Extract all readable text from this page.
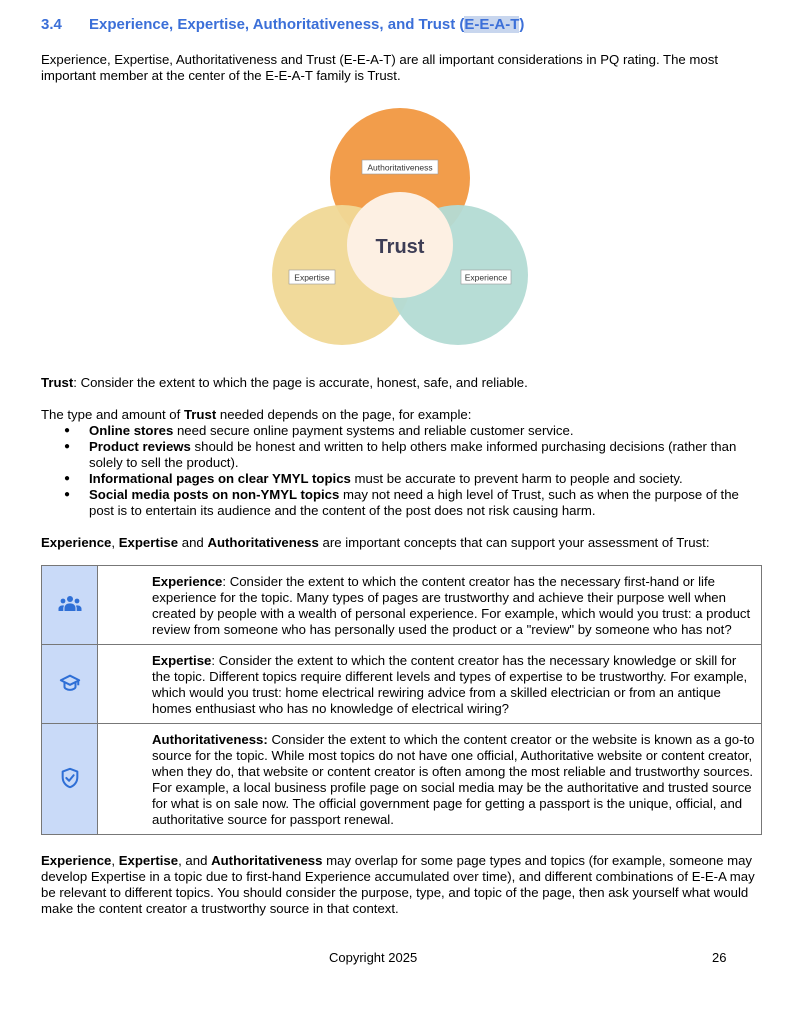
3.4 Experience, Expertise, Authoritativeness, and Trust (E-E-A-T)
Experience, Expertise, Authoritativeness and Trust (E-E-A-T) are all important considerations in PQ rating. The most important member at the center of the E-E-A-T family is Trust.
Authoritativeness
Expertise	Experience
Trust
Trust: Consider the extent to which the page is accurate, honest, safe, and reliable.
The type and amount of Trust needed depends on the page, for example:
● Online stores need secure online payment systems and reliable customer service.
● Product reviews should be honest and written to help others make informed purchasing decisions (rather than solely to sell the product).
● Informational pages on clear YMYL topics must be accurate to prevent harm to people and society.
● Social media posts on non-YMYL topics may not need a high level of Trust, such as when the purpose of the post is to entertain its audience and the content of the post does not risk causing harm.
Experience, Expertise and Authoritativeness are important concepts that can support your assessment of Trust:
	Experience: Consider the extent to which the content creator has the necessary first-hand or life experience for the topic. Many types of pages are trustworthy and achieve their purpose well when created by people with a wealth of personal experience. For example, which would you trust: a product review from someone who has personally used the product or a "review" by someone who has not?
	Expertise: Consider the extent to which the content creator has the necessary knowledge or skill for the topic. Different topics require different levels and types of expertise to be trustworthy. For example, which would you trust: home electrical rewiring advice from a skilled electrician or from an antique homes enthusiast who has no knowledge of electrical wiring?
	Authoritativeness: Consider the extent to which the content creator or the website is known as a go-to source for the topic. While most topics do not have one official, Authoritative website or content creator, when they do, that website or content creator is often among the most reliable and trustworthy sources. For example, a local business profile page on social media may be the authoritative and trusted source for what is on sale now. The official government page for getting a passport is the unique, official, and authoritative source for passport renewal.
Experience, Expertise, and Authoritativeness may overlap for some page types and topics (for example, someone may develop Expertise in a topic due to first-hand Experience accumulated over time), and different combinations of E-E-A may be relevant to different topics. You should consider the purpose, type, and topic of the page, then ask yourself what would make the content creator a trustworthy source in that context.
Copyright 2025	26
